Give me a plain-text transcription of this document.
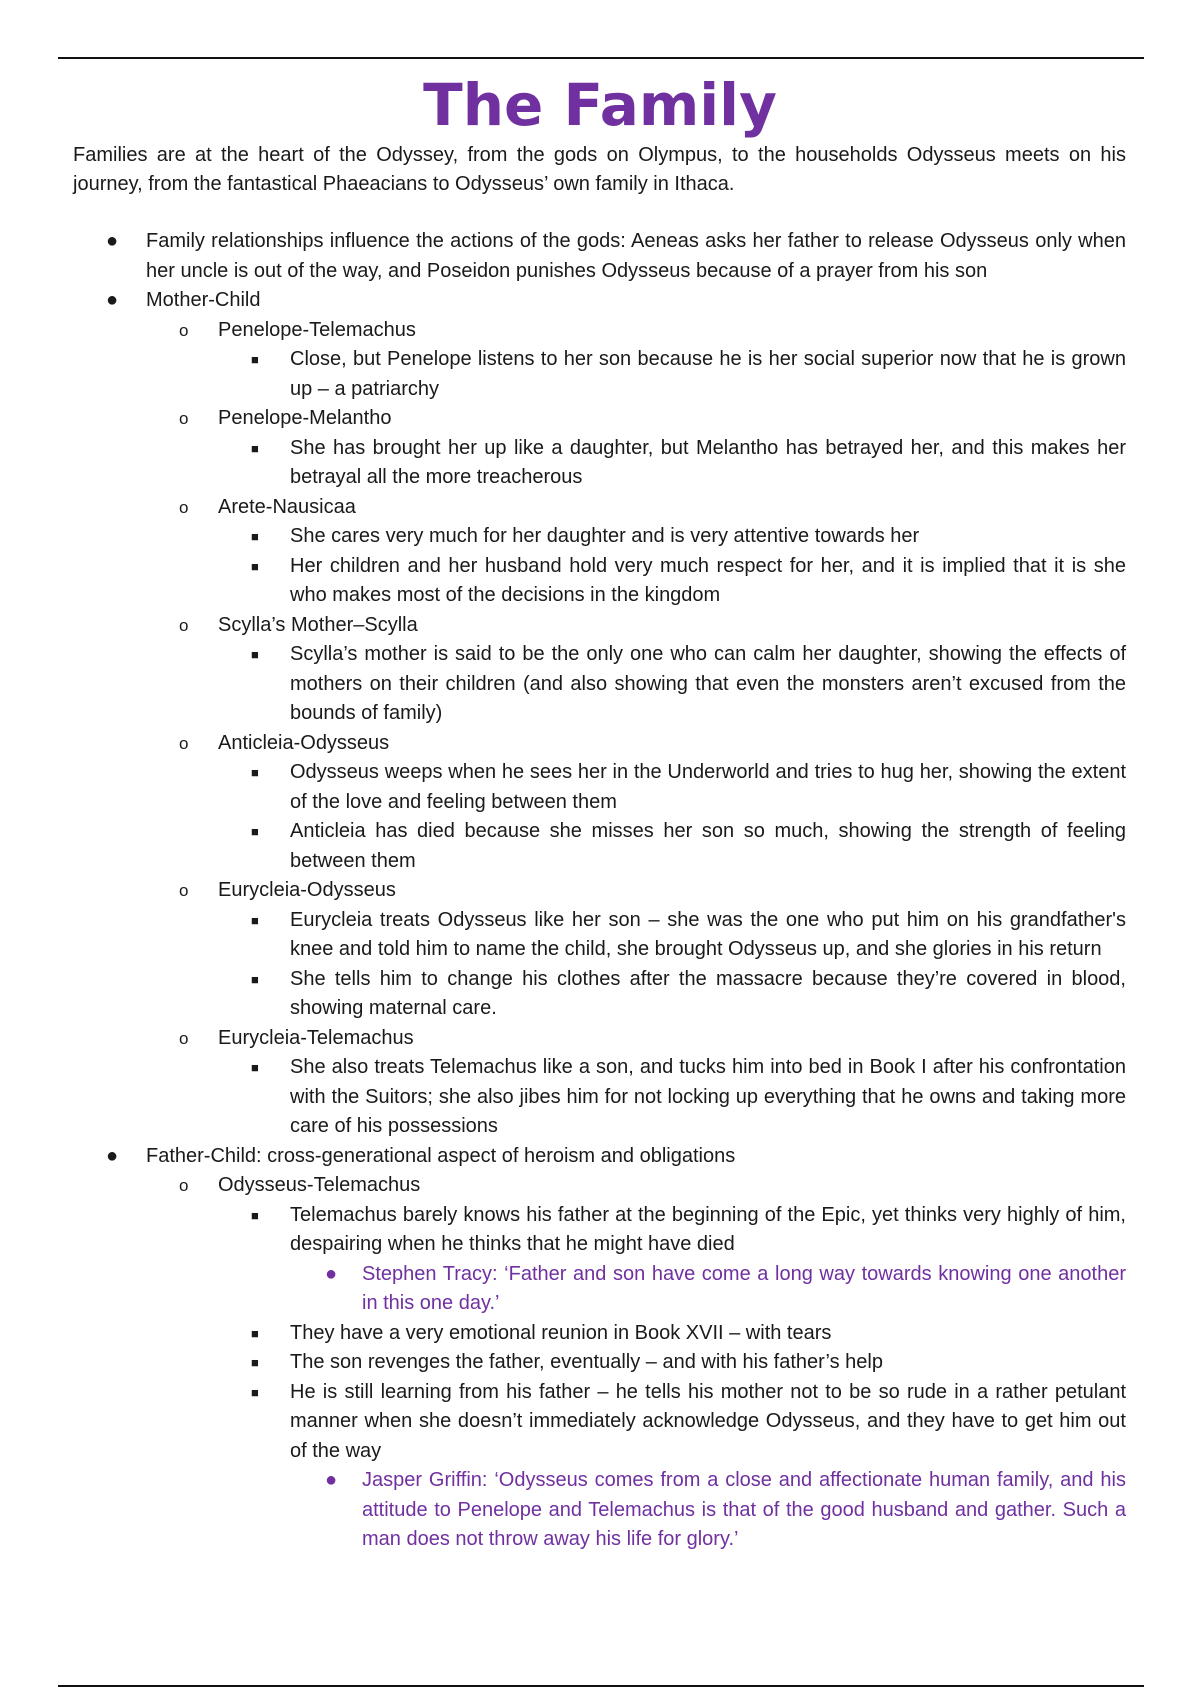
The Family

Families are at the heart of the Odyssey, from the gods on Olympus, to the households Odysseus meets on his journey, from the fantastical Phaeacians to Odysseus’ own family in Ithaca.

● Family relationships influence the actions of the gods: Aeneas asks her father to release Odysseus only when her uncle is out of the way, and Poseidon punishes Odysseus because of a prayer from his son
● Mother-Child
o Penelope-Telemachus
■ Close, but Penelope listens to her son because he is her social superior now that he is grown up – a patriarchy
o Penelope-Melantho
■ She has brought her up like a daughter, but Melantho has betrayed her, and this makes her betrayal all the more treacherous
o Arete-Nausicaa
■ She cares very much for her daughter and is very attentive towards her
■ Her children and her husband hold very much respect for her, and it is implied that it is she who makes most of the decisions in the kingdom
o Scylla’s Mother–Scylla
■ Scylla’s mother is said to be the only one who can calm her daughter, showing the effects of mothers on their children (and also showing that even the monsters aren’t excused from the bounds of family)
o Anticleia-Odysseus
■ Odysseus weeps when he sees her in the Underworld and tries to hug her, showing the extent of the love and feeling between them
■ Anticleia has died because she misses her son so much, showing the strength of feeling between them
o Eurycleia-Odysseus
■ Eurycleia treats Odysseus like her son – she was the one who put him on his grandfather's knee and told him to name the child, she brought Odysseus up, and she glories in his return
■ She tells him to change his clothes after the massacre because they’re covered in blood, showing maternal care.
o Eurycleia-Telemachus
■ She also treats Telemachus like a son, and tucks him into bed in Book I after his confrontation with the Suitors; she also jibes him for not locking up everything that he owns and taking more care of his possessions
● Father-Child: cross-generational aspect of heroism and obligations
o Odysseus-Telemachus
■ Telemachus barely knows his father at the beginning of the Epic, yet thinks very highly of him, despairing when he thinks that he might have died
● Stephen Tracy: ‘Father and son have come a long way towards knowing one another in this one day.’
■ They have a very emotional reunion in Book XVII – with tears
■ The son revenges the father, eventually – and with his father’s help
■ He is still learning from his father – he tells his mother not to be so rude in a rather petulant manner when she doesn’t immediately acknowledge Odysseus, and they have to get him out of the way
● Jasper Griffin: ‘Odysseus comes from a close and affectionate human family, and his attitude to Penelope and Telemachus is that of the good husband and gather. Such a man does not throw away his life for glory.’
